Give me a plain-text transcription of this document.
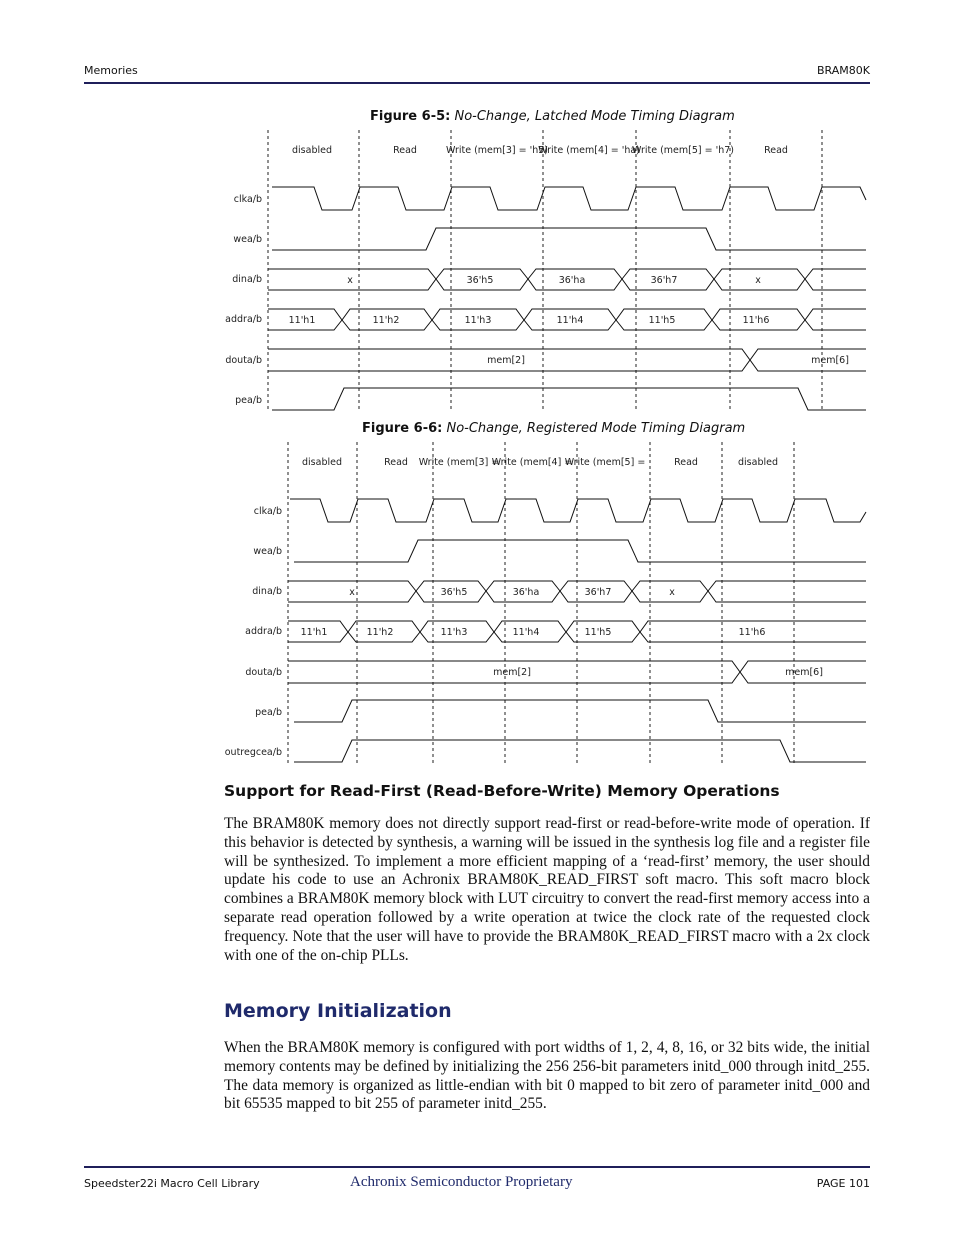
Memories	BRAM80K
Figure 6-5: No-Change, Latched Mode Timing Diagram
disabled	Read	Write (mem[3] = 'h5)
Write (mem[4] = 'ha)
Write (mem[5] = 'h7)	Read
clka/b
wea/b
dina/b
addra/b
douta/b
pea/b
x	36'h5	36'ha	36'h7	x
11'h1	11'h2	11'h3	11'h4	11'h5	11'h6
mem[2]	mem[6]
Figure 6-6: No-Change, Registered Mode Timing Diagram
disabled	Read Write (mem[3] =
Write (mem[4] =
Write (mem[5] =	Read	disabled
clka/b
wea/b
dina/b
addra/b
douta/b
pea/b
outregcea/b
x	36'h5	36'ha	36'h7	x
11'h1	11'h2	11'h3	11'h4	11'h5	11'h6
mem[2]	mem[6]
Support for Read-First (Read-Before-Write) Memory Operations

The BRAM80K memory does not directly support read-first or read-before-write mode of operation. If this behavior is detected by synthesis, a warning will be issued in the synthesis log file and a register file will be synthesized. To implement a more efficient mapping of a ‘read-first’ memory, the user should update his code to use an Achronix BRAM80K_READ_FIRST soft macro. This soft macro block combines a BRAM80K memory block with LUT circuitry to convert the read-first memory access into a separate read operation followed by a write operation at twice the clock rate of the requested clock frequency. Note that the user will have to provide the BRAM80K_READ_FIRST macro with a 2x clock with one of the on-chip PLLs.

Memory Initialization

When the BRAM80K memory is configured with port widths of 1, 2, 4, 8, 16, or 32 bits wide, the initial memory contents may be defined by initializing the 256 256-bit parameters initd_000 through initd_255. The data memory is organized as little-endian with bit 0 mapped to bit zero of parameter initd_000 and bit 65535 mapped to bit 255 of parameter initd_255.

Speedster22i Macro Cell Library	Achronix Semiconductor Proprietary	PAGE 101
